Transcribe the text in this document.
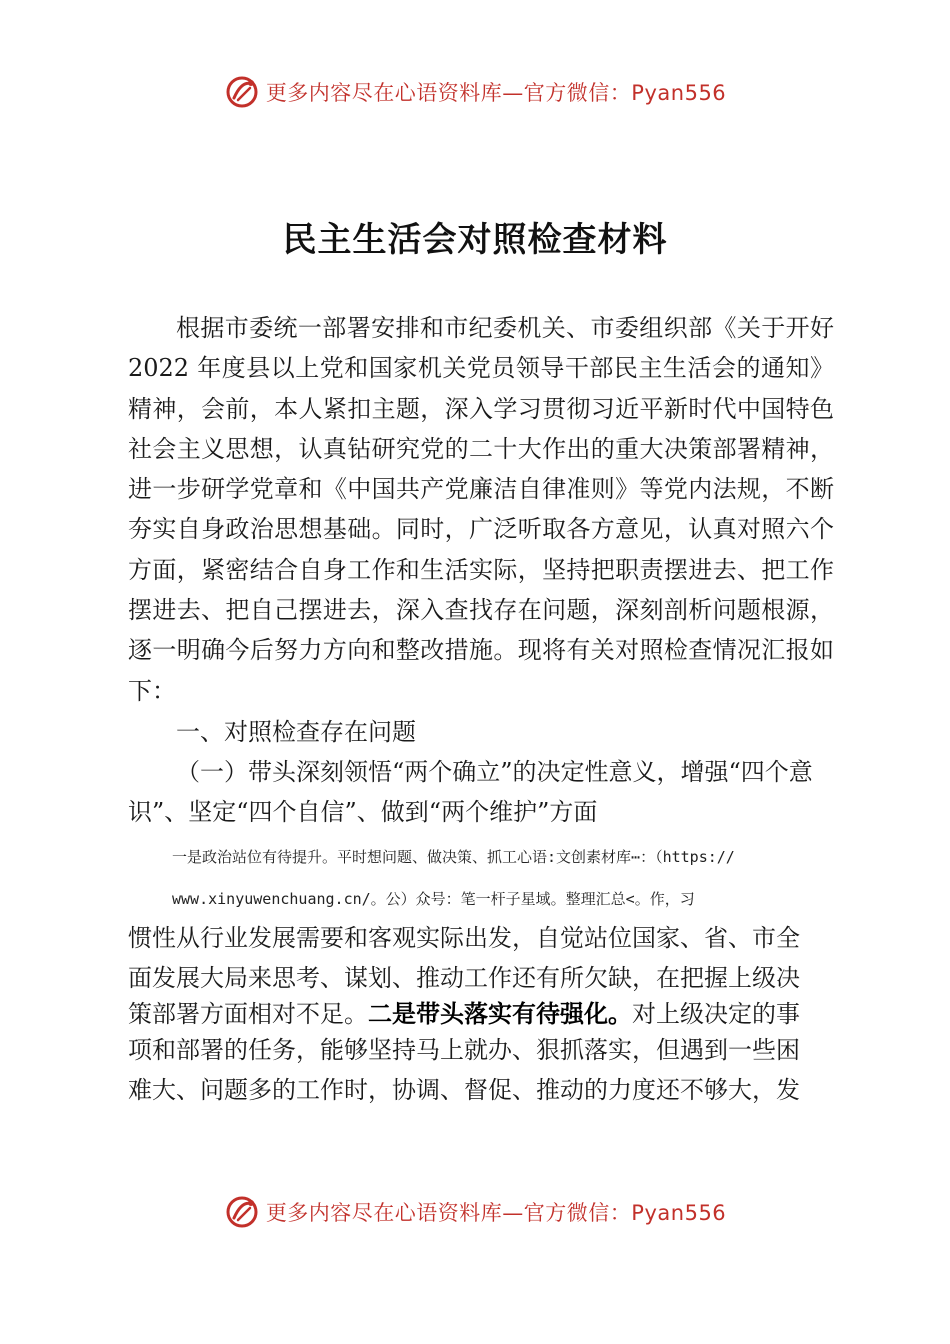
更多内容尽在心语资料库—官方微信：Pyan556
民主生活会对照检查材料

根据市委统一部署安排和市纪委机关、市委组织部《关于开好 2022 年度县以上党和国家机关党员领导干部民主生活会的通知》精神，会前，本人紧扣主题，深入学习贯彻习近平新时代中国特色社会主义思想，认真钻研究党的二十大作出的重大决策部署精神，进一步研学党章和《中国共产党廉洁自律准则》等党内法规，不断夯实自身政治思想基础。同时，广泛听取各方意见，认真对照六个方面，紧密结合自身工作和生活实际，坚持把职责摆进去、把工作摆进去、把自己摆进去，深入查找存在问题，深刻剖析问题根源，逐一明确今后努力方向和整改措施。现将有关对照检查情况汇报如下：

一、对照检查存在问题

（一）带头深刻领悟“两个确立”的决定性意义，增强“四个意识”、坚定“四个自信”、做到“两个维护”方面

一是政治站位有待提升。平时想问题、做决策、抓工心语:文创素材库⋯：（https://

www.xinyuwenchuang.cn/。公）众号：笔一杆子星域。整理汇总<。作，习

惯性从行业发展需要和客观实际出发，自觉站位国家、省、市全

面发展大局来思考、谋划、推动工作还有所欠缺，在把握上级决

策部署方面相对不足。二是带头落实有待强化。对上级决定的事

项和部署的任务，能够坚持马上就办、狠抓落实，但遇到一些困

难大、问题多的工作时，协调、督促、推动的力度还不够大，发

更多内容尽在心语资料库—官方微信：Pyan556
